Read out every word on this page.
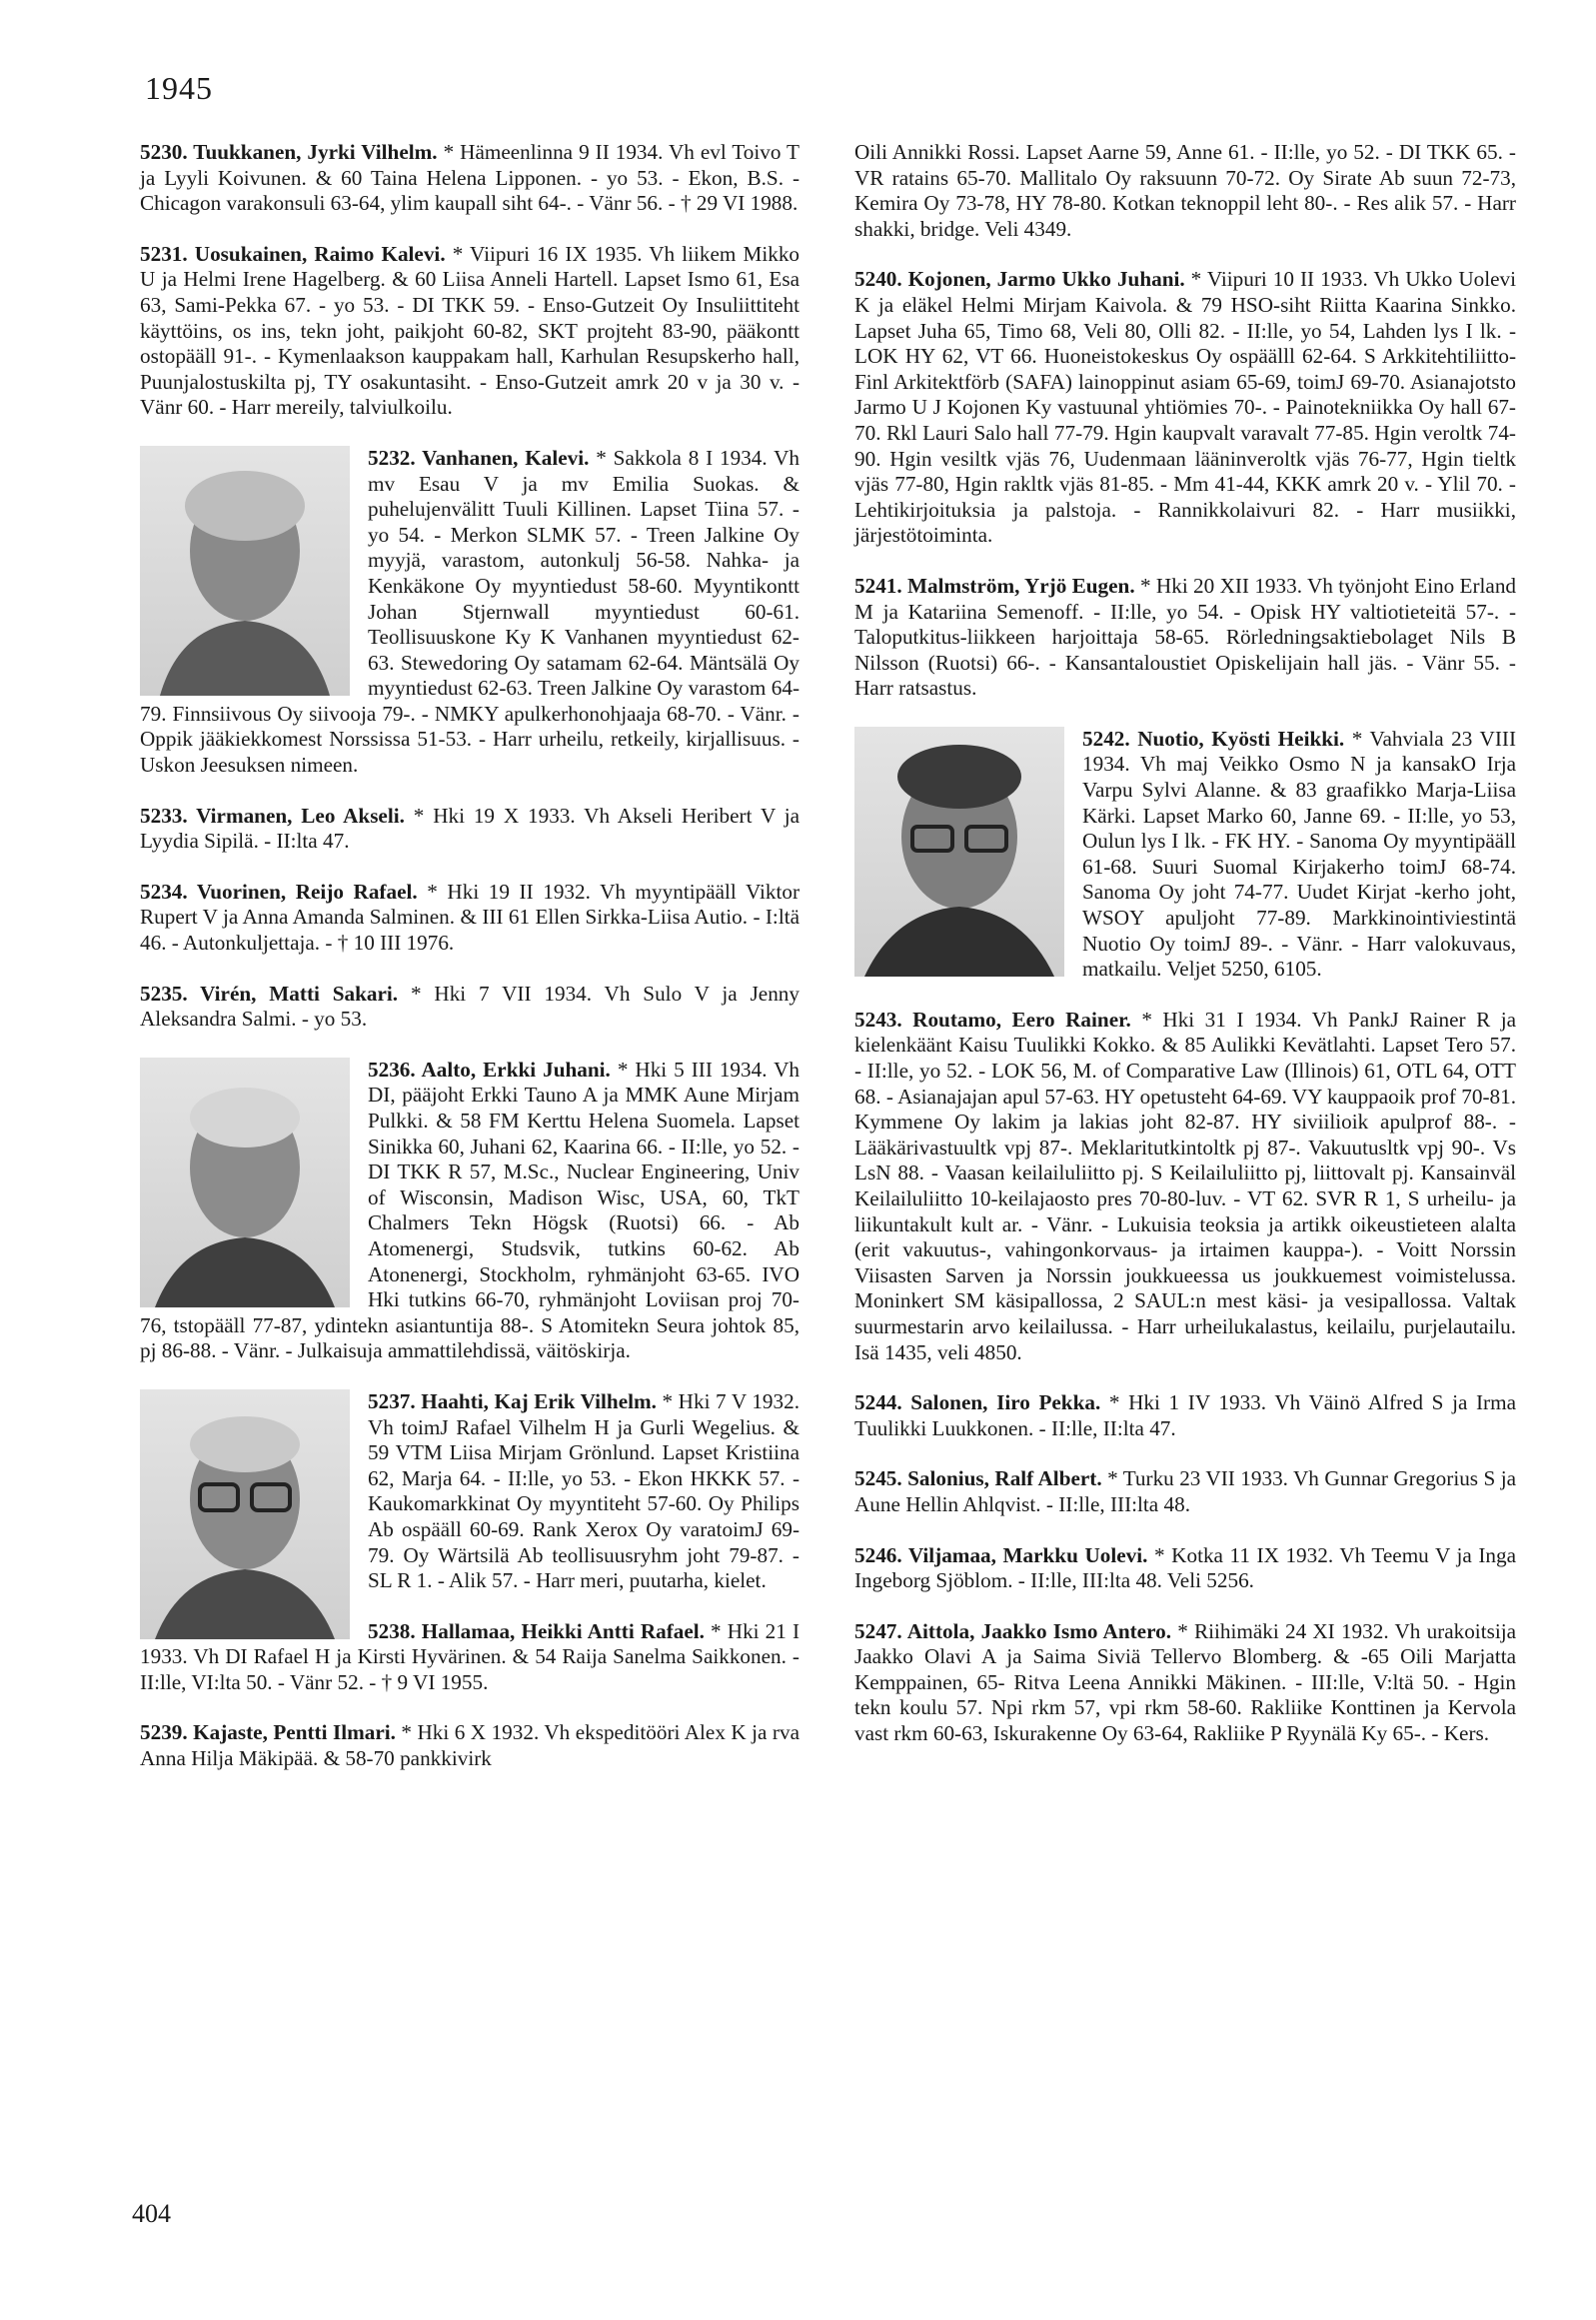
1945

5230. Tuukkanen, Jyrki Vilhelm. * Hämeenlinna 9 II 1934. Vh evl Toivo T ja Lyyli Koivunen. & 60 Taina Helena Lipponen. - yo 53. - Ekon, B.S. - Chicagon varakonsuli 63-64, ylim kaupall siht 64-. - Vänr 56. - † 29 VI 1988.

5231. Uosukainen, Raimo Kalevi. * Viipuri 16 IX 1935. Vh liikem Mikko U ja Helmi Irene Hagelberg. & 60 Liisa Anneli Hartell. Lapset Ismo 61, Esa 63, Sami-Pekka 67. - yo 53. - DI TKK 59. - Enso-Gutzeit Oy Insuliittiteht käyttöins, os ins, tekn joht, paikjoht 60-82, SKT projteht 83-90, pääkontt ostopääll 91-. - Kymenlaakson kauppakam hall, Karhulan Resupskerho hall, Puunjalostuskilta pj, TY osakuntasiht. - Enso-Gutzeit amrk 20 v ja 30 v. - Vänr 60. - Harr mereily, talviulkoilu.

5232. Vanhanen, Kalevi.
* Sakkola 8 I 1934. Vh mv Esau V ja mv Emilia Suokas. & puhelujenvälitt Tuuli Killinen. Lapset Tiina 57. - yo 54. - Merkon SLMK 57. - Treen Jalkine Oy myyjä, varastom, autonkulj 56-58. Nahka- ja Kenkäkone Oy myyntiedust 58-60. Myyntikontt Johan Stjernwall myyntiedust 60-61. Teollisuuskone Ky K Vanhanen myyntiedust 62-63. Stewedoring Oy satamam 62-64. Mäntsälä Oy myyntiedust 62-63. Treen Jalkine Oy varastom 64-79. Finnsiivous Oy siivooja 79-. - NMKY apulkerhonohjaaja 68-70. - Vänr. - Oppik jääkiekkomest Norssissa 51-53. - Harr urheilu, retkeily, kirjallisuus. - Uskon Jeesuksen nimeen.

5233. Virmanen, Leo Akseli. * Hki 19 X 1933. Vh Akseli Heribert V ja Lyydia Sipilä. - II:lta 47.

5234. Vuorinen, Reijo Rafael. * Hki 19 II 1932. Vh myyntipääll Viktor Rupert V ja Anna Amanda Salminen. & III 61 Ellen Sirkka-Liisa Autio. - I:ltä 46. - Autonkuljettaja. - † 10 III 1976.

5235. Virén, Matti Sakari. * Hki 7 VII 1934. Vh Sulo V ja Jenny Aleksandra Salmi. - yo 53.

5236. Aalto, Erkki Juhani.
* Hki 5 III 1934. Vh DI, pääjoht Erkki Tauno A ja MMK Aune Mirjam Pulkki. & 58 FM Kerttu Helena Suomela. Lapset Sinikka 60, Juhani 62, Kaarina 66. - II:lle, yo 52. - DI TKK R 57, M.Sc., Nuclear Engineering, Univ of Wisconsin, Madison Wisc, USA, 60, TkT Chalmers Tekn Högsk (Ruotsi) 66. - Ab Atomenergi, Studsvik, tutkins 60-62. Ab Atonenergi, Stockholm, ryhmänjoht 63-65. IVO Hki tutkins 66-70, ryhmänjoht Loviisan proj 70-76, tstopääll 77-87, ydintekn asiantuntija 88-. S Atomitekn Seura johtok 85, pj 86-88. - Vänr. - Julkaisuja ammattilehdissä, väitöskirja.

5237. Haahti, Kaj Erik Vilhelm.
* Hki 7 V 1932. Vh toimJ Rafael Vilhelm H ja Gurli Wegelius. & 59 VTM Liisa Mirjam Grönlund. Lapset Kristiina 62, Marja 64. - II:lle, yo 53. - Ekon HKKK 57. - Kaukomarkkinat Oy myyntiteht 57-60. Oy Philips Ab ospääll 60-69. Rank Xerox Oy varatoimJ 69-79. Oy Wärtsilä Ab teollisuusryhm joht 79-87. - SL R 1. - Alik 57. - Harr meri, puutarha, kielet.

5238. Hallamaa, Heikki Antti Rafael. * Hki 21 I 1933. Vh DI Rafael H ja Kirsti Hyvärinen. & 54 Raija Sanelma Saikkonen. - II:lle, VI:lta 50. - Vänr 52. - † 9 VI 1955.

5239. Kajaste, Pentti Ilmari. * Hki 6 X 1932. Vh ekspeditööri Alex K ja rva Anna Hilja Mäkipää. & 58-70 pankkivirk

Oili Annikki Rossi. Lapset Aarne 59, Anne 61. - II:lle, yo 52. - DI TKK 65. - VR ratains 65-70. Mallitalo Oy raksuunn 70-72. Oy Sirate Ab suun 72-73, Kemira Oy 73-78, HY 78-80. Kotkan teknoppil leht 80-. - Res alik 57. - Harr shakki, bridge. Veli 4349.

5240. Kojonen, Jarmo Ukko Juhani. * Viipuri 10 II 1933. Vh Ukko Uolevi K ja eläkel Helmi Mirjam Kaivola. & 79 HSO-siht Riitta Kaarina Sinkko. Lapset Juha 65, Timo 68, Veli 80, Olli 82. - II:lle, yo 54, Lahden lys I lk. - LOK HY 62, VT 66. Huoneistokeskus Oy ospäälll 62-64. S Arkkitehtiliitto-Finl Arkitektförb (SAFA) lainoppinut asiam 65-69, toimJ 69-70. Asianajotsto Jarmo U J Kojonen Ky vastuunal yhtiömies 70-. - Painotekniikka Oy hall 67-70. Rkl Lauri Salo hall 77-79. Hgin kaupvalt varavalt 77-85. Hgin veroltk 74-90. Hgin vesiltk vjäs 76, Uudenmaan lääninveroltk vjäs 76-77, Hgin tieltk vjäs 77-80, Hgin rakltk vjäs 81-85. - Mm 41-44, KKK amrk 20 v. - Ylil 70. - Lehtikirjoituksia ja palstoja. - Rannikkolaivuri 82. - Harr musiikki, järjestötoiminta.

5241. Malmström, Yrjö Eugen. * Hki 20 XII 1933. Vh työnjoht Eino Erland M ja Katariina Semenoff. - II:lle, yo 54. - Opisk HY valtiotieteitä 57-. - Taloputkitus-liikkeen harjoittaja 58-65. Rörledningsaktiebolaget Nils B Nilsson (Ruotsi) 66-. - Kansantaloustiet Opiskelijain hall jäs. - Vänr 55. - Harr ratsastus.

5242. Nuotio, Kyösti Heikki.
* Vahviala 23 VIII 1934. Vh maj Veikko Osmo N ja kansakO Irja Varpu Sylvi Alanne. & 83 graafikko Marja-Liisa Kärki. Lapset Marko 60, Janne 69. - II:lle, yo 53, Oulun lys I lk. - FK HY. - Sanoma Oy myyntipääll 61-68. Suuri Suomal Kirjakerho toimJ 68-74. Sanoma Oy joht 74-77. Uudet Kirjat -kerho joht, WSOY apuljoht 77-89. Markkinointiviestintä Nuotio Oy toimJ 89-. - Vänr. - Harr valokuvaus, matkailu. Veljet 5250, 6105.

5243. Routamo, Eero Rainer. * Hki 31 I 1934. Vh PankJ Rainer R ja kielenkäänt Kaisu Tuulikki Kokko. & 85 Aulikki Kevätlahti. Lapset Tero 57. - II:lle, yo 52. - LOK 56, M. of Comparative Law (Illinois) 61, OTL 64, OTT 68. - Asianajajan apul 57-63. HY opetusteht 64-69. VY kauppaoik prof 70-81. Kymmene Oy lakim ja lakias joht 82-87. HY siviilioik apulprof 88-. - Lääkärivastuultk vpj 87-. Meklaritutkintoltk pj 87-. Vakuutusltk vpj 90-. Vs LsN 88. - Vaasan keilailuliitto pj. S Keilailuliitto pj, liittovalt pj. Kansainväl Keilailuliitto 10-keilajaosto pres 70-80-luv. - VT 62. SVR R 1, S urheilu- ja liikuntakult kult ar. - Vänr. - Lukuisia teoksia ja artikk oikeustieteen alalta (erit vakuutus-, vahingonkorvaus- ja irtaimen kauppa-). - Voitt Norssin Viisasten Sarven ja Norssin joukkueessa us joukkuemest voimistelussa. Moninkert SM käsipallossa, 2 SAUL:n mest käsi- ja vesipallossa. Valtak suurmestarin arvo keilailussa. - Harr urheilukalastus, keilailu, purjelautailu. Isä 1435, veli 4850.

5244. Salonen, Iiro Pekka. * Hki 1 IV 1933. Vh Väinö Alfred S ja Irma Tuulikki Luukkonen. - II:lle, II:lta 47.

5245. Salonius, Ralf Albert. * Turku 23 VII 1933. Vh Gunnar Gregorius S ja Aune Hellin Ahlqvist. - II:lle, III:lta 48.

5246. Viljamaa, Markku Uolevi. * Kotka 11 IX 1932. Vh Teemu V ja Inga Ingeborg Sjöblom. - II:lle, III:lta 48. Veli 5256.

5247. Aittola, Jaakko Ismo Antero. * Riihimäki 24 XI 1932. Vh urakoitsija Jaakko Olavi A ja Saima Siviä Tellervo Blomberg. & -65 Oili Marjatta Kemppainen, 65- Ritva Leena Annikki Mäkinen. - III:lle, V:ltä 50. - Hgin tekn koulu 57. Npi rkm 57, vpi rkm 58-60. Rakliike Konttinen ja Kervola vast rkm 60-63, Iskurakenne Oy 63-64, Rakliike P Ryynälä Ky 65-. - Kers.

404
